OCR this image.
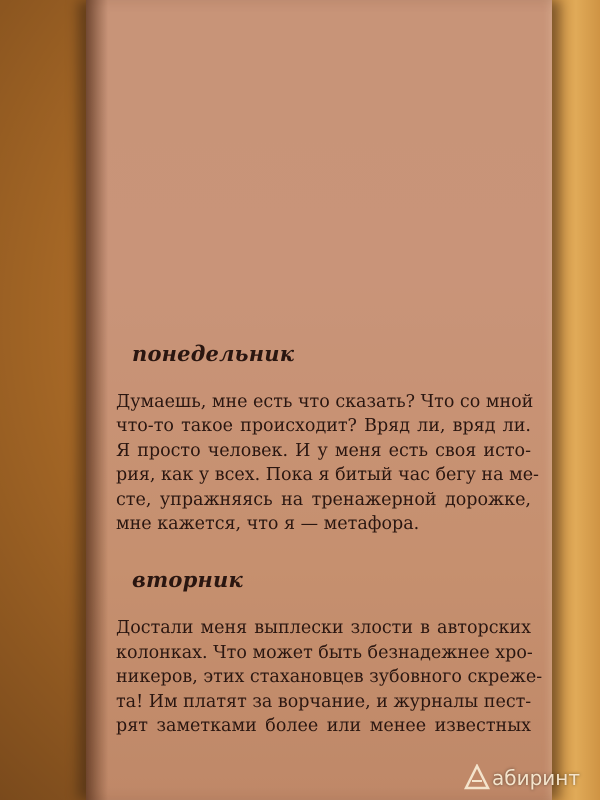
понедельник

Думаешь, мне есть что сказать? Что со мной

что-то такое происходит? Вряд ли, вряд ли.

Я просто человек. И у меня есть своя исто-

рия, как у всех. Пока я битый час бегу на ме-

сте, упражняясь на тренажерной дорожке,

мне кажется, что я — метафора.

вторник

Достали меня выплески злости в авторских

колонках. Что может быть безнадежнее хро-

никеров, этих стахановцев зубовного скреже-

та! Им платят за ворчание, и журналы пест-

рят заметками более или менее известных

абиринт
